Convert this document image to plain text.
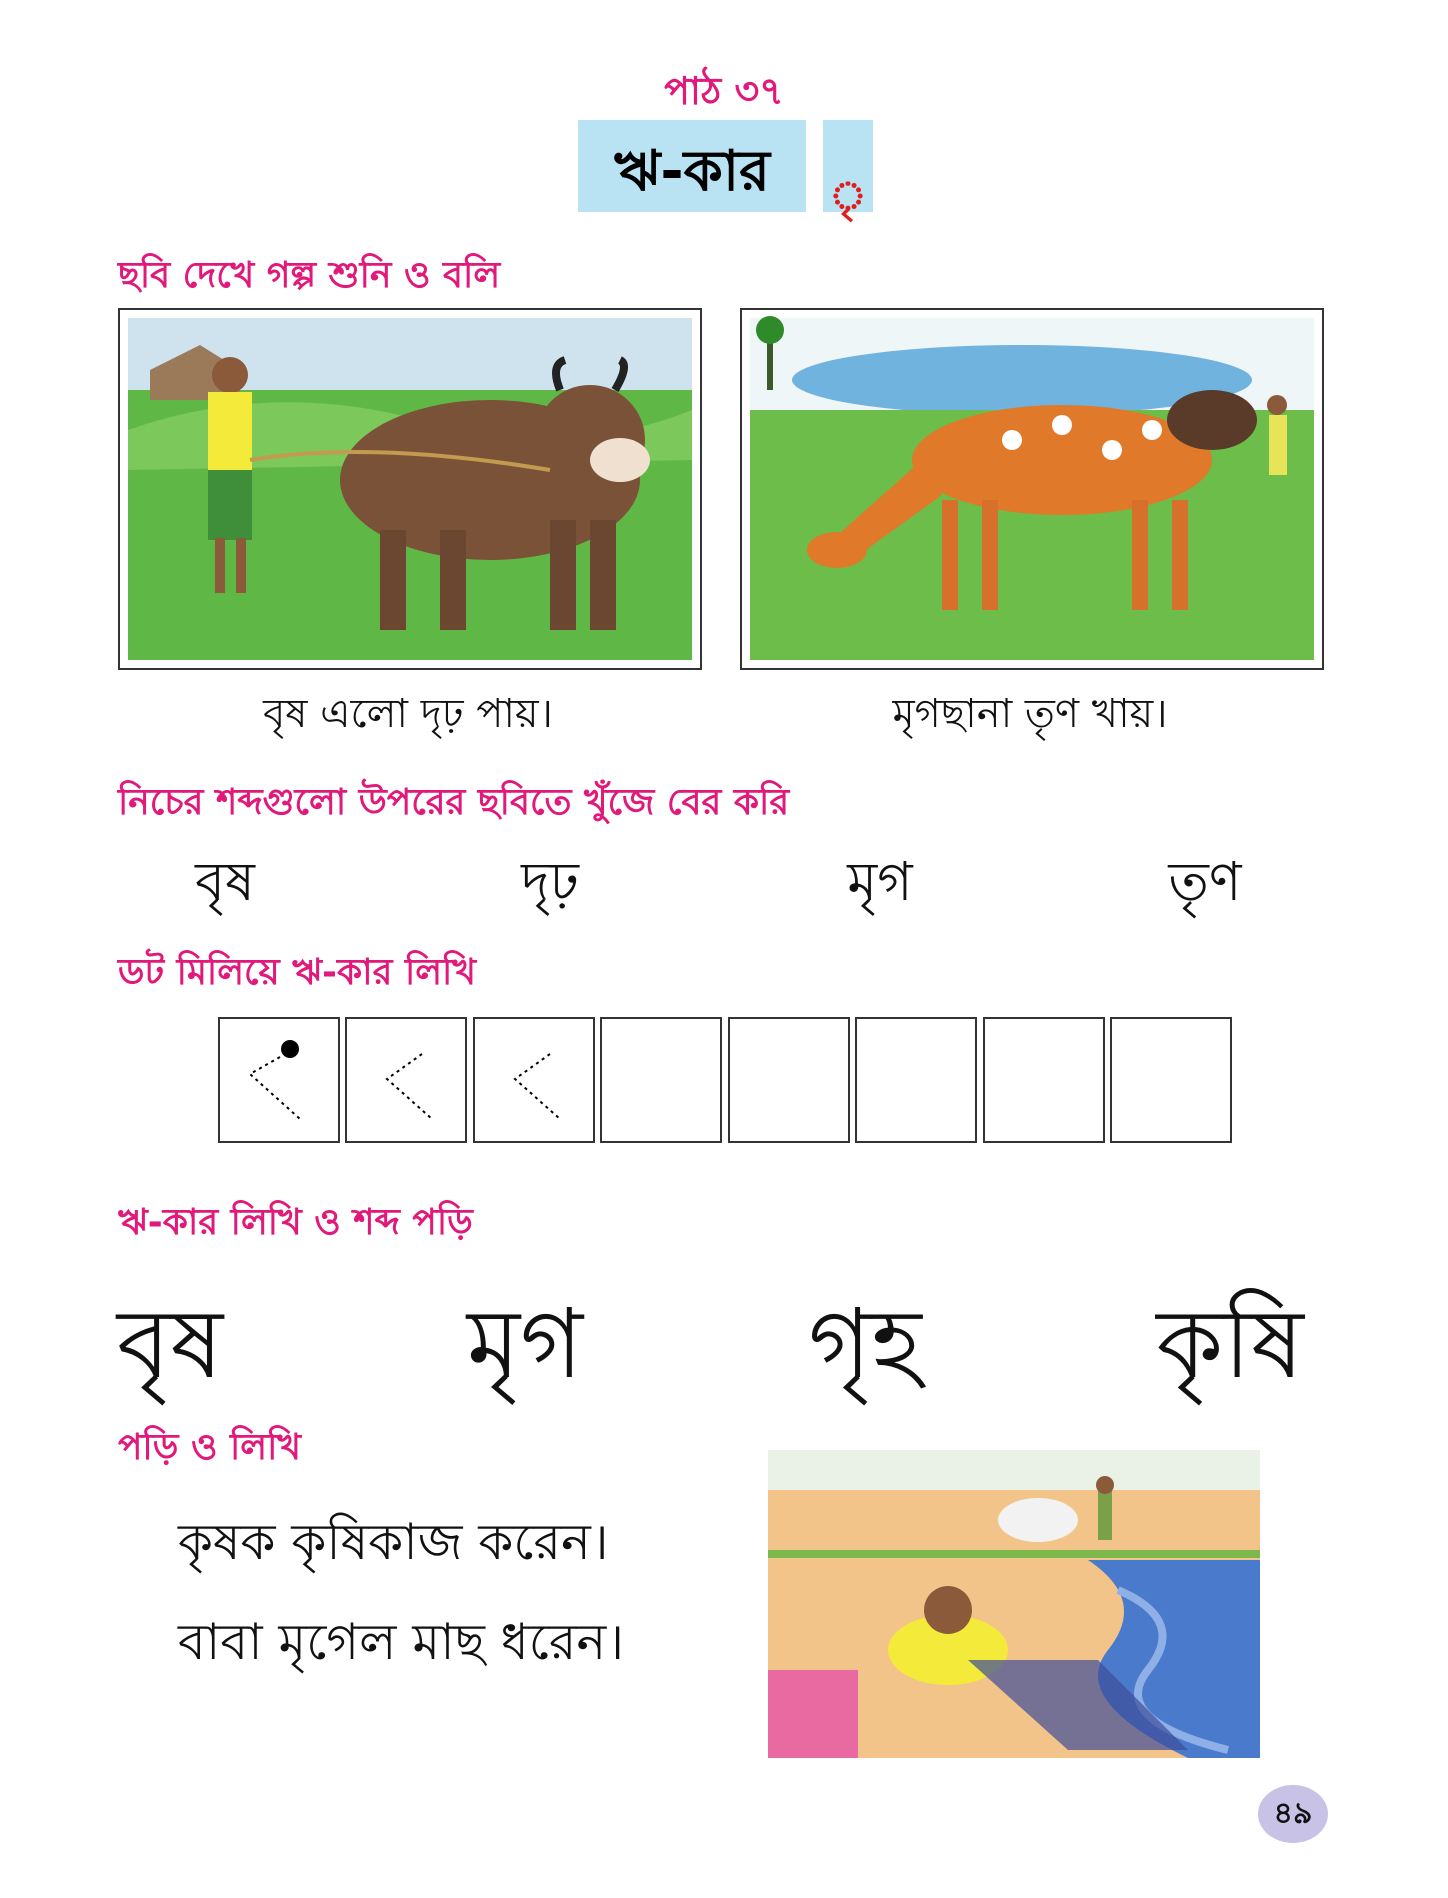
পাঠ ৩৭
ঋ-কার	ৃ
ছবি দেখে গল্প শুনি ও বলি
বৃষ এলো দৃঢ় পায়।	মৃগছানা তৃণ খায়।
নিচের শব্দগুলো উপরের ছবিতে খুঁজে বের করি
বৃষ	দৃঢ়	মৃগ	তৃণ
ডট মিলিয়ে ঋ-কার লিখি
ঋ-কার লিখি ও শব্দ পড়ি
বৃষ	মৃগ	গৃহ	কৃষি
পড়ি ও লিখি
কৃষক কৃষিকাজ করেন।
বাবা মৃগেল মাছ ধরেন।
৪৯
